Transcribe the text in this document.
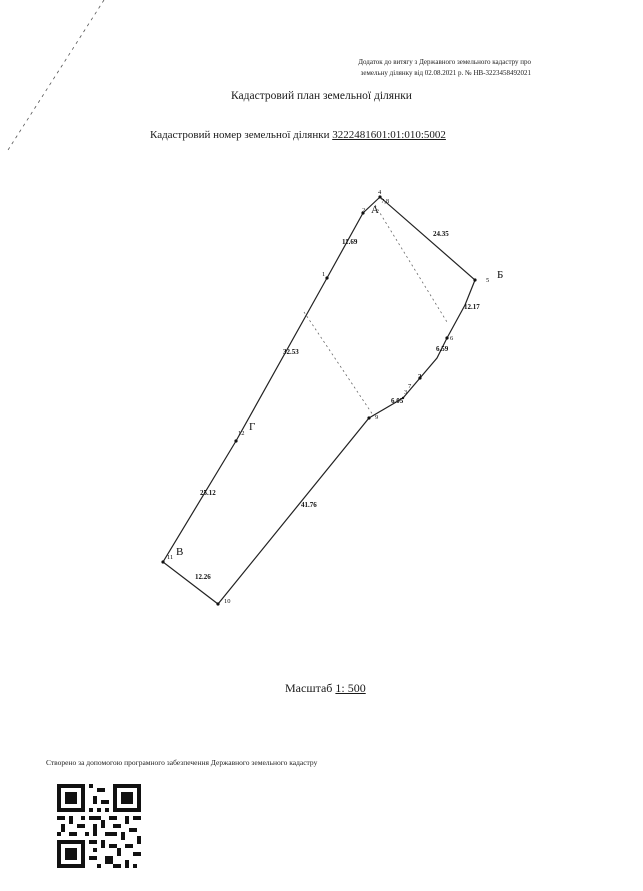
Додаток до витягу з Державного земельного кадастру про
земельну ділянку від 02.08.2021 р. № НВ-3223458492021
Кадастровий план земельної ділянки
Кадастровий номер земельної ділянки 3222481601:01:010:5002
А
Б
В
Г
4
7,8
5
6
7
3
9
10
11
12
1
2
24.35
11.69
32.53
25.12
12.26
41.76
12.17
6.59
6.05
2
Масштаб 1: 500
Створено за допомогою програмного забезпечення Державного земельного кадастру
